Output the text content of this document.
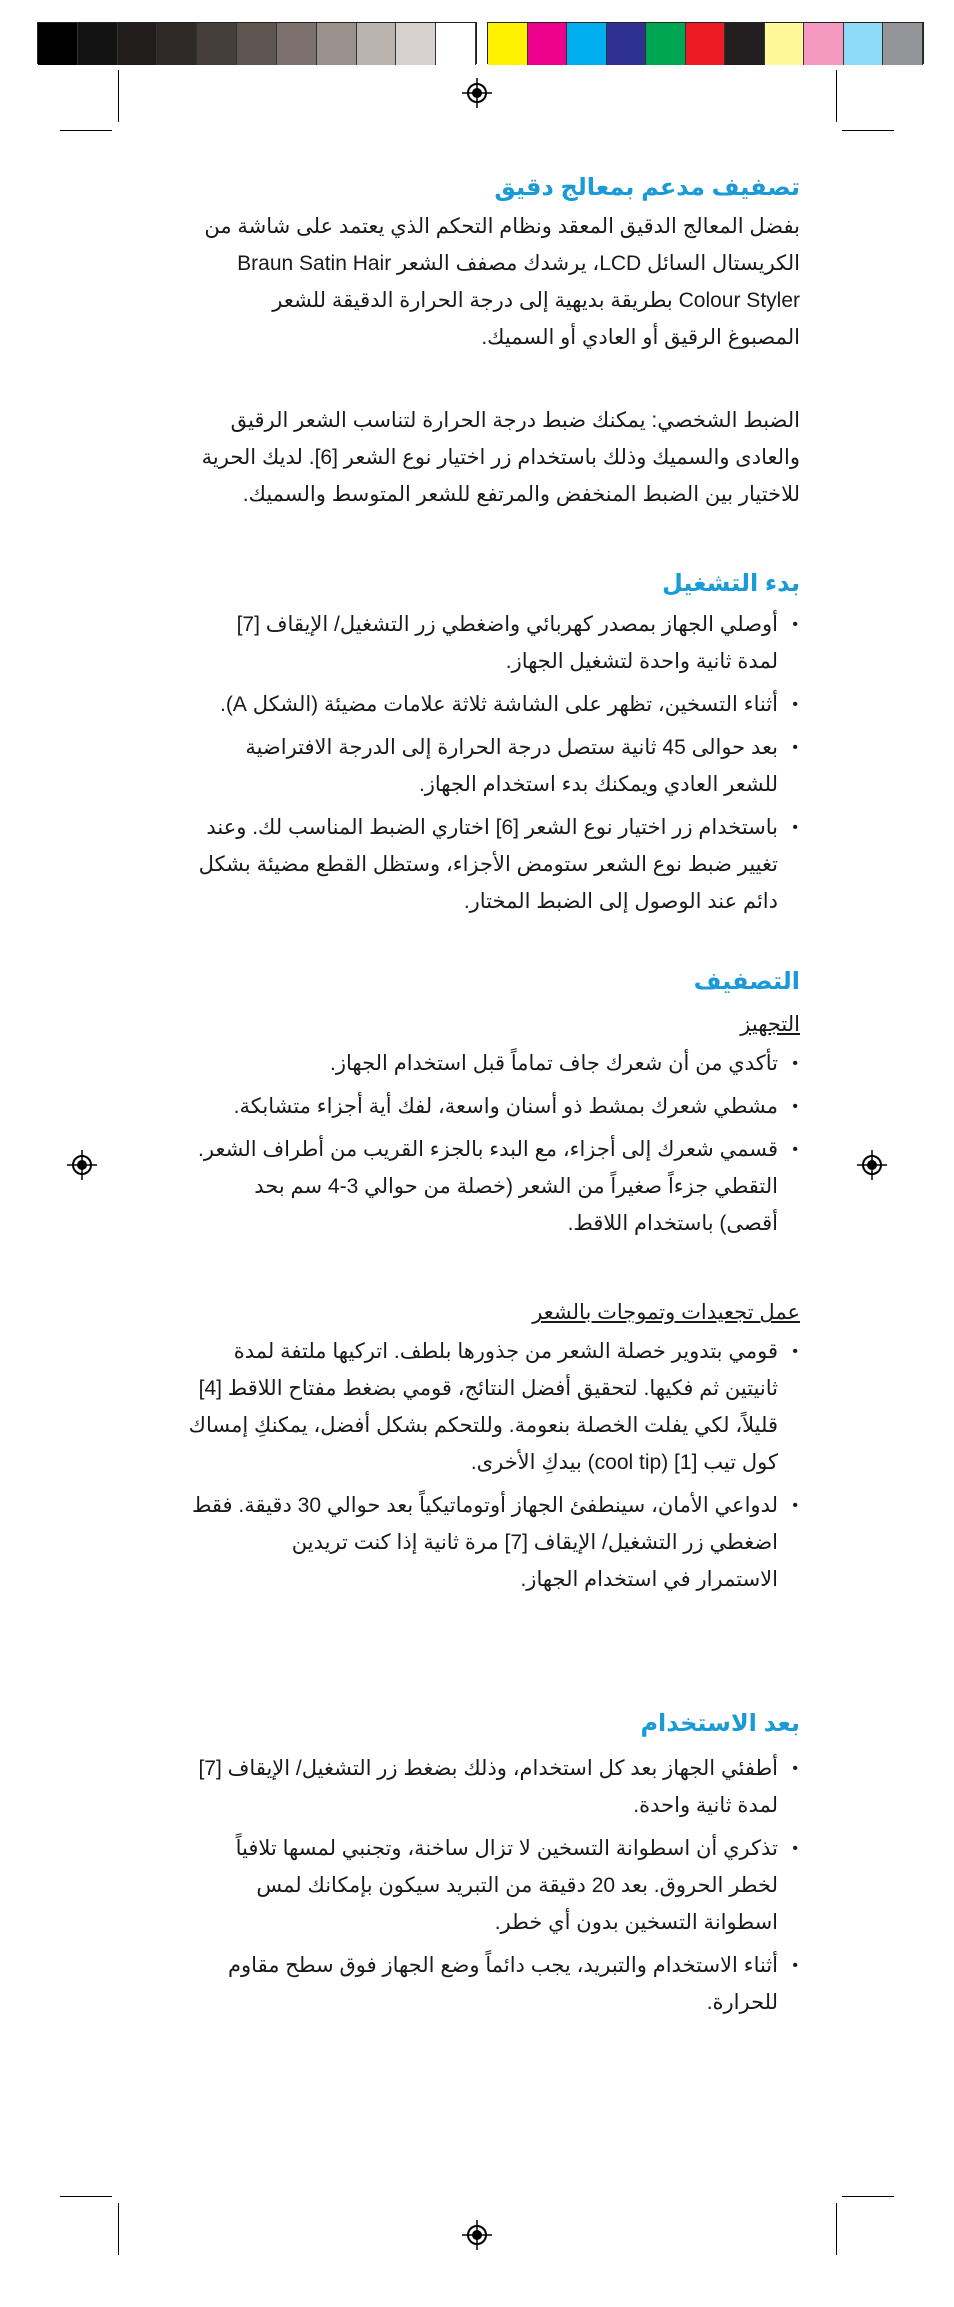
تصفيف مدعم بمعالج دقيق

بفضل المعالج الدقيق المعقد ونظام التحكم الذي يعتمد على شاشة من

الكريستال السائل LCD، يرشدك مصفف الشعر Braun Satin Hair

Colour Styler بطريقة بديهية إلى درجة الحرارة الدقيقة للشعر

المصبوغ الرقيق أو العادي أو السميك.

الضبط الشخصي: يمكنك ضبط درجة الحرارة لتناسب الشعر الرقيق

والعادى والسميك وذلك باستخدام زر اختيار نوع الشعر [6]. لديك الحرية

للاختيار بين الضبط المنخفض والمرتفع للشعر المتوسط والسميك.

بدء التشغيل
• أوصلي الجهاز بمصدر كهربائي واضغطي زر التشغيل/ الإيقاف [7]
لمدة ثانية واحدة لتشغيل الجهاز.
• أثناء التسخين، تظهر على الشاشة ثلاثة علامات مضيئة (الشكل A).
• بعد حوالى 45 ثانية ستصل درجة الحرارة إلى الدرجة الافتراضية
للشعر العادي ويمكنك بدء استخدام الجهاز.
• باستخدام زر اختيار نوع الشعر [6] اختاري الضبط المناسب لك. وعند
تغيير ضبط نوع الشعر ستومض الأجزاء، وستظل القطع مضيئة بشكل
دائم عند الوصول إلى الضبط المختار.
التصفيف

التجهيز

• تأكدي من أن شعرك جاف تماماً قبل استخدام الجهاز.
• مشطي شعرك بمشط ذو أسنان واسعة، لفك أية أجزاء متشابكة.
• قسمي شعرك إلى أجزاء، مع البدء بالجزء القريب من أطراف الشعر.
التقطي جزءاً صغيراً من الشعر (خصلة من حوالي 3-4 سم بحد
أقصى) باستخدام اللاقط.

عمل تجعيدات وتموجات بالشعر

• قومي بتدوير خصلة الشعر من جذورها بلطف. اتركيها ملتفة لمدة
ثانيتين ثم فكيها. لتحقيق أفضل النتائج، قومي بضغط مفتاح اللاقط [4]
قليلاً، لكي يفلت الخصلة بنعومة. وللتحكم بشكل أفضل، يمكنكِ إمساك
كول تيب [1] (cool tip) بيدكِ الأخرى.
• لدواعي الأمان، سينطفئ الجهاز أوتوماتيكياً بعد حوالي 30 دقيقة. فقط
اضغطي زر التشغيل/ الإيقاف [7] مرة ثانية إذا كنت تريدين
الاستمرار في استخدام الجهاز.
بعد الاستخدام
• أطفئي الجهاز بعد كل استخدام، وذلك بضغط زر التشغيل/ الإيقاف [7]
لمدة ثانية واحدة.
• تذكري أن اسطوانة التسخين لا تزال ساخنة، وتجنبي لمسها تلافياً
لخطر الحروق. بعد 20 دقيقة من التبريد سيكون بإمكانك لمس
اسطوانة التسخين بدون أي خطر.
• أثناء الاستخدام والتبريد، يجب دائماً وضع الجهاز فوق سطح مقاوم
للحرارة.
